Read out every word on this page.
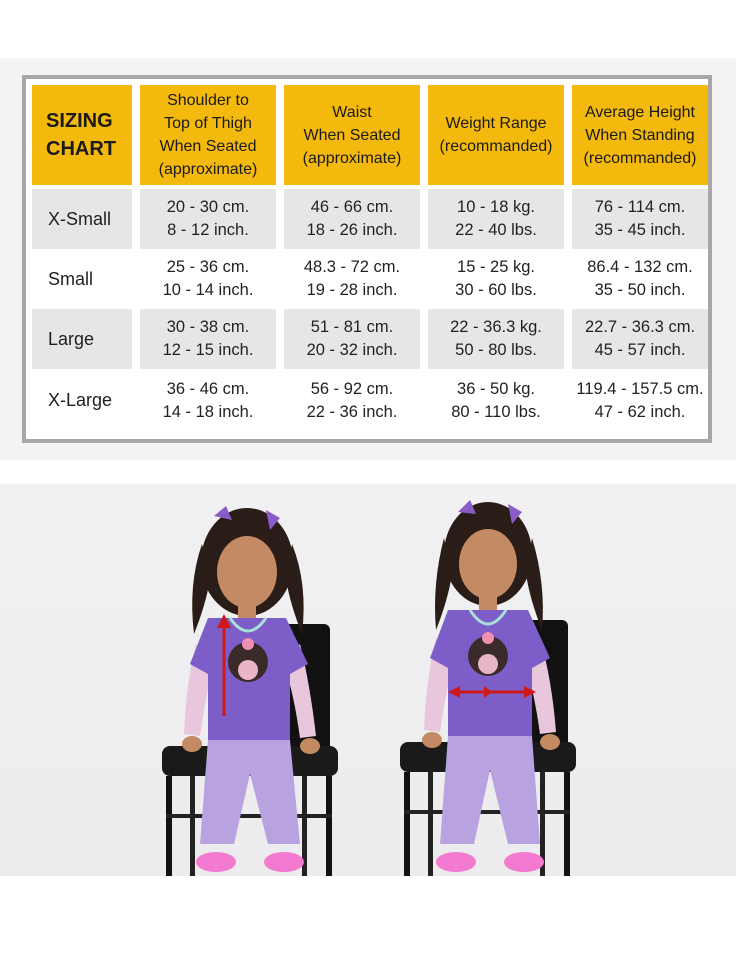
SIZING
CHART
Shoulder to
Top of Thigh
When Seated
(approximate)
Waist
When Seated
(approximate)
Weight Range
(recommanded)
Average Height
When Standing
(recommanded)
X-Small
20 - 30 cm.
8 - 12 inch.
46 - 66 cm.
18 - 26 inch.
10 - 18 kg.
22 - 40 lbs.
76 - 114 cm.
35 - 45 inch.
Small
25 - 36 cm.
10 - 14 inch.
48.3 - 72 cm.
19 - 28 inch.
15 - 25 kg.
30 - 60 lbs.
86.4 - 132 cm.
35 - 50 inch.
Large
30 - 38 cm.
12 - 15 inch.
51 - 81 cm.
20 - 32 inch.
22 - 36.3 kg.
50 - 80 lbs.
22.7 - 36.3 cm.
45 - 57 inch.
X-Large
36 - 46 cm.
14 - 18 inch.
56 - 92 cm.
22 - 36 inch.
36 - 50 kg.
80 - 110 lbs.
119.4 - 157.5 cm.
47 - 62 inch.
